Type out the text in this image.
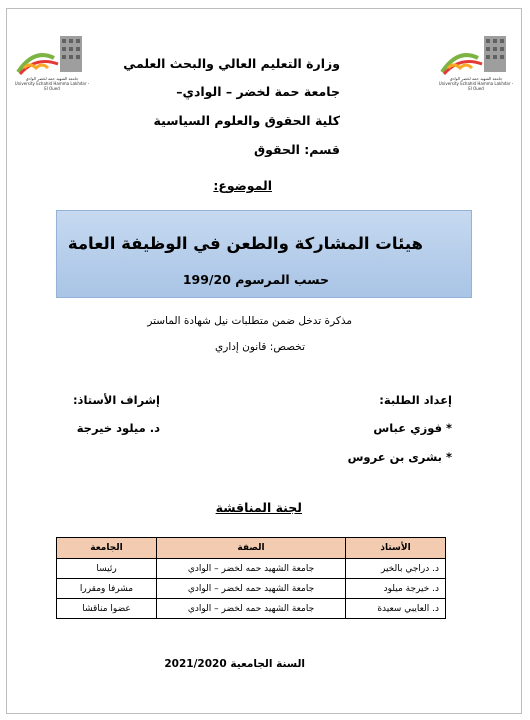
جامعة الشهيد حمه لخضر الوادي
University Echahid Hamma Lakhdar - El Oued
جامعة الشهيد حمه لخضر الوادي
University Echahid Hamma Lakhdar - El Oued
وزارة التعليم العالي والبحث العلمي
جامعة حمة لخضر – الوادي–
كلية الحقوق والعلوم السياسية
قسم: الحقوق
الموضوع:
هيئات المشاركة والطعن في الوظيفة العامة
حسب المرسوم 199/20
مذكرة تدخل ضمن متطلبات نيل شهادة الماستر
تخصص: قانون إداري
إعداد الطلبة:
إشراف الأستاذ:
*فوزي عباس
*بشرى بن عروس
د. ميلود خيرجة
لجنة المناقشة
الأستاذ	الصفة	الجامعة
د. دراجي بالخير	جامعة الشهيد حمه لخضر – الوادي	رئيسا
د. خيرجة ميلود	جامعة الشهيد حمه لخضر – الوادي	مشرفا ومقررا
د. العايبي سعيدة	جامعة الشهيد حمه لخضر – الوادي	عضوا مناقشا
السنة الجامعية 2021/2020
